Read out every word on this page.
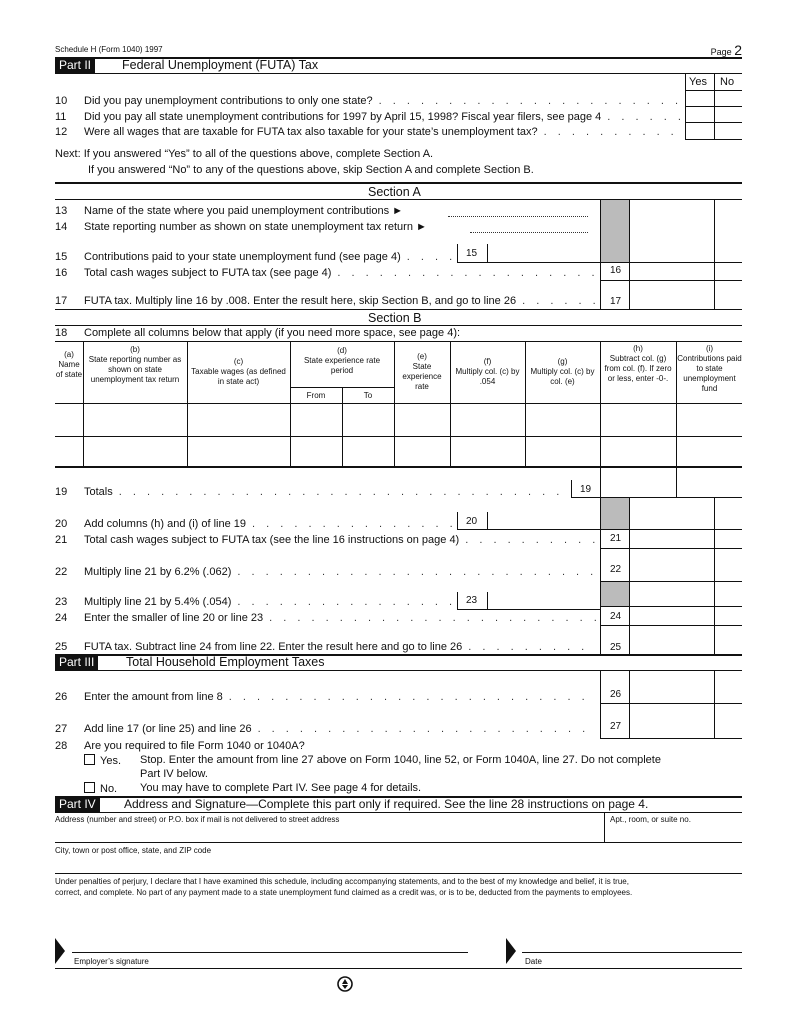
Schedule H (Form 1040) 1997	Page 2
Part II	Federal Unemployment (FUTA) Tax
Yes No
10	Did you pay unemployment contributions to only one state?
. . .
11	Did you pay all state unemployment contributions for 1997 by April 15, 1998? Fiscal year filers, see page 4
. . .
12	Were all wages that are taxable for FUTA tax also taxable for your state’s unemployment tax?
. . .
Next: If you answered “Yes” to all of the questions above, complete Section A.
If you answered “No” to any of the questions above, skip Section A and complete Section B.
Section A
13	Name of the state where you paid unemployment contributions ►
14	State reporting number as shown on state unemployment tax return ►
15	Contributions paid to your state unemployment fund (see page 4) . . .	15
16	Total cash wages subject to FUTA tax (see page 4) . . .	16
17	FUTA tax. Multiply line 16 by .008. Enter the result here, skip Section B, and go to line 26 . . .	17
Section B
18	Complete all columns below that apply (if you need more space, see page 4):
(a)
Name of state
(b)
State reporting number as shown on state unemployment tax return
(c)
Taxable wages (as defined in state act)
(d)
State experience rate period
From	To
(e)
State experience rate
(f)
Multiply col. (c) by .054
(g)
Multiply col. (c) by col. (e)
(h)
Subtract col. (g) from col. (f). If zero or less, enter -0-.
(i)
Contributions paid to state unemployment fund
19	Totals . . .	19
20	Add columns (h) and (i) of line 19 . . .	20
21	Total cash wages subject to FUTA tax (see the line 16 instructions on page 4) . . .	21
22	Multiply line 21 by 6.2% (.062) . . .	22
23	Multiply line 21 by 5.4% (.054) . . .	23
24	Enter the smaller of line 20 or line 23 . . .	24
25	FUTA tax. Subtract line 24 from line 22. Enter the result here and go to line 26 . . .	25
Part III	Total Household Employment Taxes
26	Enter the amount from line 8 . . .	26
27	Add line 17 (or line 25) and line 26 . . .	27
28	Are you required to file Form 1040 or 1040A?
Yes.	Stop. Enter the amount from line 27 above on Form 1040, line 52, or Form 1040A, line 27. Do not complete
Part IV below.
No.	You may have to complete Part IV. See page 4 for details.
Part IV	Address and Signature—Complete this part only if required. See the line 28 instructions on page 4.
Address (number and street) or P.O. box if mail is not delivered to street address	Apt., room, or suite no.
City, town or post office, state, and ZIP code
Under penalties of perjury, I declare that I have examined this schedule, including accompanying statements, and to the best of my knowledge and belief, it is true,
correct, and complete. No part of any payment made to a state unemployment fund claimed as a credit was, or is to be, deducted from the payments to employees.
Employer’s signature	Date
